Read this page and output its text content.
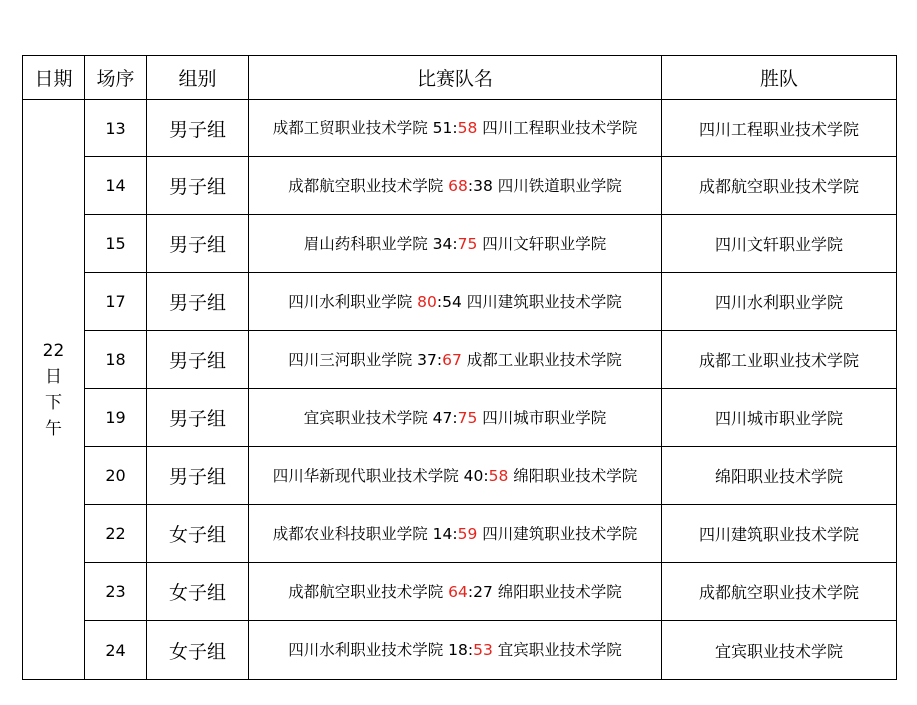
日期	场序	组别	比赛队名	胜队

22
日
下
午	13	男子组	成都工贸职业技术学院 51:58 四川工程职业技术学院	四川工程职业技术学院
	14	男子组	成都航空职业技术学院 68:38 四川铁道职业学院	成都航空职业技术学院
	15	男子组	眉山药科职业学院 34:75 四川文轩职业学院	四川文轩职业学院
	17	男子组	四川水利职业学院 80:54 四川建筑职业技术学院	四川水利职业学院
	18	男子组	四川三河职业学院 37:67 成都工业职业技术学院	成都工业职业技术学院
	19	男子组	宜宾职业技术学院 47:75 四川城市职业学院	四川城市职业学院
	20	男子组	四川华新现代职业技术学院 40:58 绵阳职业技术学院	绵阳职业技术学院
	22	女子组	成都农业科技职业学院 14:59 四川建筑职业技术学院	四川建筑职业技术学院
	23	女子组	成都航空职业技术学院 64:27 绵阳职业技术学院	成都航空职业技术学院
	24	女子组	四川水利职业技术学院 18:53 宜宾职业技术学院	宜宾职业技术学院
